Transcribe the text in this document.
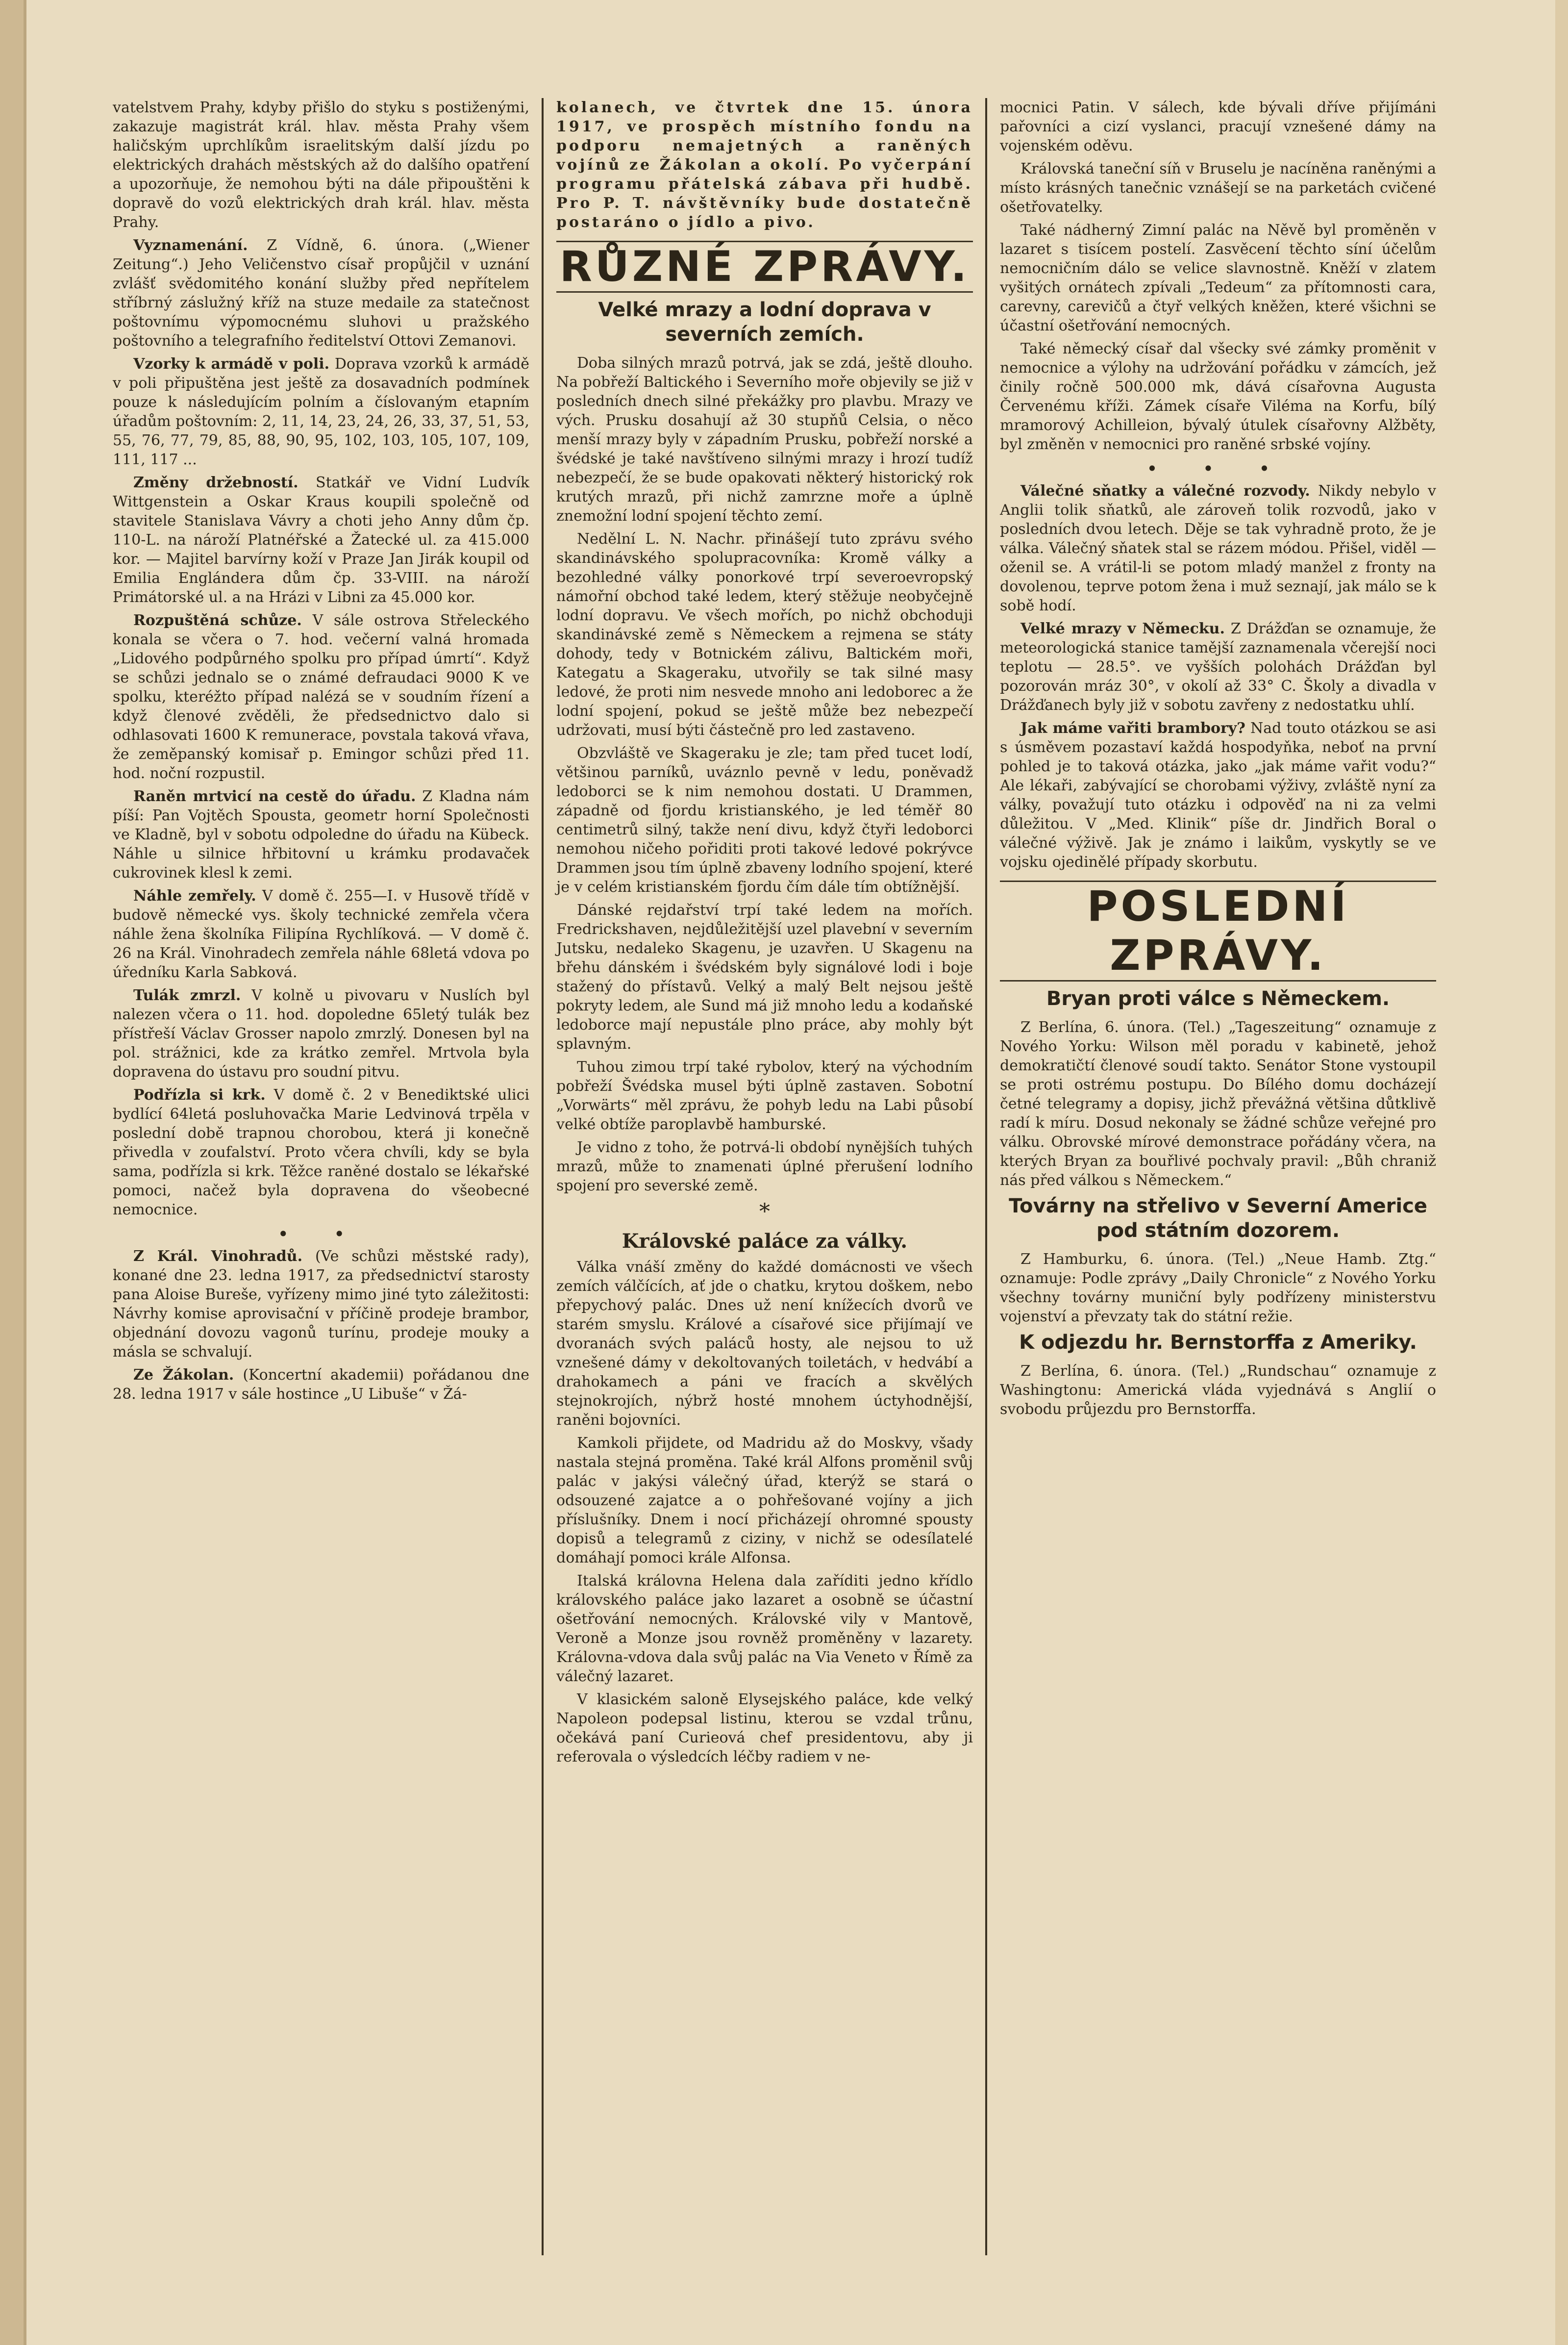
vatelstvem Prahy, kdyby přišlo do styku s postiženými, zakazuje magistrát král. hlav. města Prahy všem haličským uprchlíkům israelitským další jízdu po elektrických drahách městských až do dalšího opatření a upozorňuje, že nemohou býti na dále připouštěni k dopravě do vozů elektrických drah král. hlav. města Prahy.

Vyznamenání. Z Vídně, 6. února. („Wiener Zeitung“.) Jeho Veličenstvo císař propůjčil v uznání zvlášť svědomitého konání služby před nepřítelem stříbrný záslužný kříž na stuze medaile za statečnost poštovnímu výpomocnému sluhovi u pražského poštovního a telegrafního ředitelství Ottovi Zemanovi.

Vzorky k armádě v poli. Doprava vzorků k armádě v poli připuštěna jest ještě za dosavadních podmínek pouze k následujícím polním a číslovaným etapním úřadům poštovním: 2, 11, 14, 23, 24, 26, 33, 37, 51, 53, 55, 76, 77, 79, 85, 88, 90, 95, 102, 103, 105, 107, 109, 111, 117 ...

Změny držebností. Statkář ve Vidní Ludvík Wittgenstein a Oskar Kraus koupili společně od stavitele Stanislava Vávry a choti jeho Anny dům čp. 110-L. na nároží Platnéřské a Žatecké ul. za 415.000 kor. — Majitel barvírny koží v Praze Jan Jirák koupil od Emilia Englándera dům čp. 33-VIII. na nároží Primátorské ul. a na Hrázi v Libni za 45.000 kor.

Rozpuštěná schůze. V sále ostrova Střeleckého konala se včera o 7. hod. večerní valná hromada „Lidového podpůrného spolku pro případ úmrtí“. Když se schůzi jednalo se o známé defraudaci 9000 K ve spolku, kteréžto případ nalézá se v soudním řízení a když členové zvěděli, že předsednictvo dalo si odhlasovati 1600 K remunerace, povstala taková vřava, že zeměpanský komisař p. Emingor schůzi před 11. hod. noční rozpustil.

Raněn mrtvicí na cestě do úřadu. Z Kladna nám píší: Pan Vojtěch Spousta, geometr horní Společnosti ve Kladně, byl v sobotu odpoledne do úřadu na Kübeck. Náhle u silnice hřbitovní u krámku prodavaček cukrovinek klesl k zemi.

Náhle zemřely. V domě č. 255—I. v Husově třídě v budově německé vys. školy technické zemřela včera náhle žena školníka Filipína Rychlíková. — V domě č. 26 na Král. Vinohradech zemřela náhle 68letá vdova po úředníku Karla Sabková.

Tulák zmrzl. V kolně u pivovaru v Nuslích byl nalezen včera o 11. hod. dopoledne 65letý tulák bez přístřeší Václav Grosser napolo zmrzlý. Donesen byl na pol. strážnici, kde za krátko zemřel. Mrtvola byla dopravena do ústavu pro soudní pitvu.

Podřízla si krk. V domě č. 2 v Benediktské ulici bydlící 64letá posluhovačka Marie Ledvinová trpěla v poslední době trapnou chorobou, která ji konečně přivedla v zoufalství. Proto včera chvíli, kdy se byla sama, podřízla si krk. Těžce raněné dostalo se lékařské pomoci, načež byla dopravena do všeobecné nemocnice.

• •

Z Král. Vinohradů. (Ve schůzi městské rady), konané dne 23. ledna 1917, za předsednictví starosty pana Aloise Bureše, vyřízeny mimo jiné tyto záležitosti: Návrhy komise aprovisační v příčině prodeje brambor, objednání dovozu vagonů turínu, prodeje mouky a másla se schvalují.

Ze Žákolan. (Koncertní akademii) pořádanou dne 28. ledna 1917 v sále hostince „U Libuše“ v Žá-

kolanech, ve čtvrtek dne 15. února 1917, ve prospěch místního fondu na podporu nemajetných a raněných vojínů ze Žákolan a okolí. Po vyčerpání programu přátelská zábava při hudbě. Pro P. T. návštěvníky bude dostatečně postaráno o jídlo a pivo.

RŮZNÉ ZPRÁVY.
Velké mrazy a lodní doprava v severních zemích.

Doba silných mrazů potrvá, jak se zdá, ještě dlouho. Na pobřeží Baltického i Severního moře objevily se již v posledních dnech silné překážky pro plavbu. Mrazy ve vých. Prusku dosahují až 30 stupňů Celsia, o něco menší mrazy byly v západním Prusku, pobřeží norské a švédské je také navštíveno silnými mrazy i hrozí tudíž nebezpečí, že se bude opakovati některý historický rok krutých mrazů, při nichž zamrzne moře a úplně znemožní lodní spojení těchto zemí.

Nedělní L. N. Nachr. přinášejí tuto zprávu svého skandinávského spolupracovníka: Kromě války a bezohledné války ponorkové trpí severoevropský námořní obchod také ledem, který stěžuje neobyčejně lodní dopravu. Ve všech mořích, po nichž obchoduji skandinávské země s Německem a rejmena se státy dohody, tedy v Botnickém zálivu, Baltickém moři, Kategatu a Skageraku, utvořily se tak silné masy ledové, že proti nim nesvede mnoho ani ledoborec a že lodní spojení, pokud se ještě může bez nebezpečí udržovati, musí býti částečně pro led zastaveno.

Obzvláště ve Skageraku je zle; tam před tucet lodí, většinou parníků, uváznlo pevně v ledu, poněvadž ledoborci se k nim nemohou dostati. U Drammen, západně od fjordu kristianského, je led téměř 80 centimetrů silný, takže není divu, když čtyři ledoborci nemohou ničeho pořiditi proti takové ledové pokrývce Drammen jsou tím úplně zbaveny lodního spojení, které je v celém kristianském fjordu čím dále tím obtížnější.

Dánské rejdařství trpí také ledem na mořích. Fredrickshaven, nejdůležitější uzel plavební v severním Jutsku, nedaleko Skagenu, je uzavřen. U Skagenu na břehu dánském i švédském byly signálové lodi i boje stažený do přístavů. Velký a malý Belt nejsou ještě pokryty ledem, ale Sund má již mnoho ledu a kodaňské ledoborce mají nepustále plno práce, aby mohly být splavným.

Tuhou zimou trpí také rybolov, který na východním pobřeží Švédska musel býti úplně zastaven. Sobotní „Vorwärts“ měl zprávu, že pohyb ledu na Labi působí velké obtíže paroplavbě hamburské.

Je vidno z toho, že potrvá-li období nynějších tuhých mrazů, může to znamenati úplné přerušení lodního spojení pro severské země.

*
Královské paláce za války.

Válka vnáší změny do každé domácnosti ve všech zemích válčících, ať jde o chatku, krytou doškem, nebo přepychový palác. Dnes už není knížecích dvorů ve starém smyslu. Králové a císařové sice přijímají ve dvoranách svých paláců hosty, ale nejsou to už vznešené dámy v dekoltovaných toiletách, v hedvábí a drahokamech a páni ve fracích a skvělých stejnokrojích, nýbrž hosté mnohem úctyhodnější, raněni bojovníci.

Kamkoli přijdete, od Madridu až do Moskvy, všady nastala stejná proměna. Také král Alfons proměnil svůj palác v jakýsi válečný úřad, kterýž se stará o odsouzené zajatce a o pohřešované vojíny a jich příslušníky. Dnem i nocí přicházejí ohromné spousty dopisů a telegramů z ciziny, v nichž se odesílatelé domáhají pomoci krále Alfonsa.

Italská královna Helena dala zaříditi jedno křídlo královského paláce jako lazaret a osobně se účastní ošetřování nemocných. Královské vily v Mantově, Veroně a Monze jsou rovněž proměněny v lazarety. Královna-vdova dala svůj palác na Via Veneto v Římě za válečný lazaret.

V klasickém saloně Elysejského paláce, kde velký Napoleon podepsal listinu, kterou se vzdal trůnu, očekává paní Curieová chef presidentovu, aby ji referovala o výsledcích léčby radiem v ne-

mocnici Patin. V sálech, kde bývali dříve přijímáni pařovníci a cizí vyslanci, pracují vznešené dámy na vojenském oděvu.

Královská taneční síň v Bruselu je nacíněna raněnými a místo krásných tanečnic vznášejí se na parketách cvičené ošetřovatelky.

Také nádherný Zimní palác na Něvě byl proměněn v lazaret s tisícem postelí. Zasvěcení těchto síní účelům nemocničním dálo se velice slavnostně. Kněží v zlatem vyšitých ornátech zpívali „Tedeum“ za přítomnosti cara, carevny, carevičů a čtyř velkých kněžen, které všichni se účastní ošetřování nemocných.

Také německý císař dal všecky své zámky proměnit v nemocnice a výlohy na udržování pořádku v zámcích, jež činily ročně 500.000 mk, dává císařovna Augusta Červenému kříži. Zámek císaře Viléma na Korfu, bílý mramorový Achilleion, bývalý útulek císařovny Alžběty, byl změněn v nemocnici pro raněné srbské vojíny.

• • •

Válečné sňatky a válečné rozvody. Nikdy nebylo v Anglii tolik sňatků, ale zároveň tolik rozvodů, jako v posledních dvou letech. Děje se tak vyhradně proto, že je válka. Válečný sňatek stal se rázem módou. Přišel, viděl — oženil se. A vrátil-li se potom mladý manžel z fronty na dovolenou, teprve potom žena i muž seznají, jak málo se k sobě hodí.

Velké mrazy v Německu. Z Drážďan se oznamuje, že meteorologická stanice tamější zaznamenala včerejší noci teplotu — 28.5°. ve vyšších polohách Drážďan byl pozorován mráz 30°, v okolí až 33° C. Školy a divadla v Drážďanech byly již v sobotu zavřeny z nedostatku uhlí.

Jak máme vařiti brambory? Nad touto otázkou se asi s úsměvem pozastaví každá hospodyňka, neboť na první pohled je to taková otázka, jako „jak máme vařit vodu?“ Ale lékaři, zabývající se chorobami výživy, zvláště nyní za války, považují tuto otázku i odpověď na ni za velmi důležitou. V „Med. Klinik“ píše dr. Jindřich Boral o válečné výživě. Jak je známo i laikům, vyskytly se ve vojsku ojedinělé případy skorbutu.

POSLEDNÍ ZPRÁVY.
Bryan proti válce s Německem.

Z Berlína, 6. února. (Tel.) „Tageszeitung“ oznamuje z Nového Yorku: Wilson měl poradu v kabinetě, jehož demokratičtí členové soudí takto. Senátor Stone vystoupil se proti ostrému postupu. Do Bílého domu docházejí četné telegramy a dopisy, jichž převážná většina důtklivě radí k míru. Dosud nekonaly se žádné schůze veřejné pro válku. Obrovské mírové demonstrace pořádány včera, na kterých Bryan za bouřlivé pochvaly pravil: „Bůh chraniž nás před válkou s Německem.“

Továrny na střelivo v Severní Americe pod státním dozorem.

Z Hamburku, 6. února. (Tel.) „Neue Hamb. Ztg.“ oznamuje: Podle zprávy „Daily Chronicle“ z Nového Yorku všechny továrny muniční byly podřízeny ministerstvu vojenství a převzaty tak do státní režie.

K odjezdu hr. Bernstorffa z Ameriky.

Z Berlína, 6. února. (Tel.) „Rundschau“ oznamuje z Washingtonu: Americká vláda vyjednává s Anglií o svobodu průjezdu pro Bernstorffa.
